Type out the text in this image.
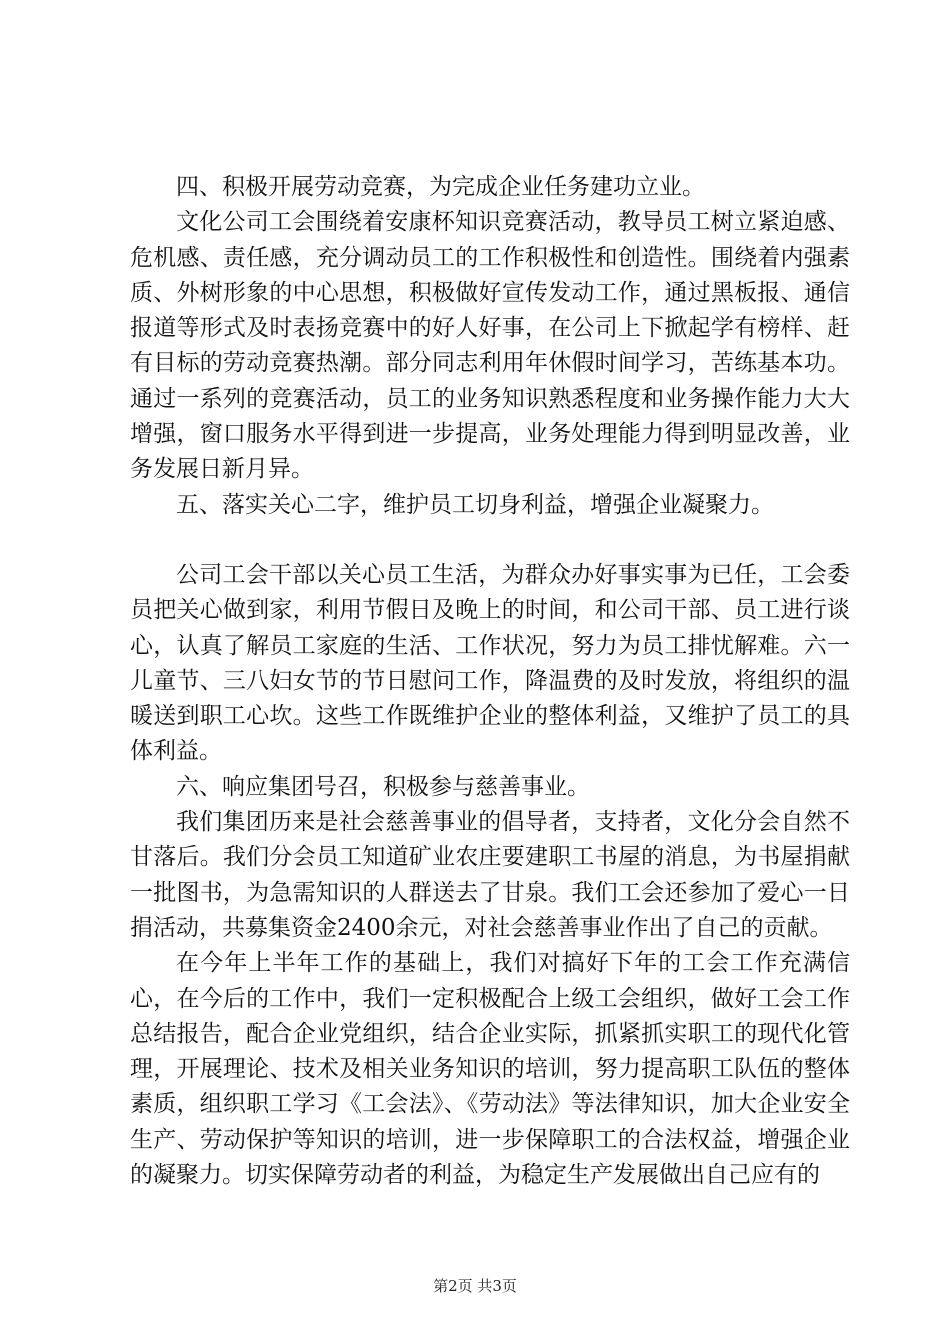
四、积极开展劳动竞赛，为完成企业任务建功立业。

文化公司工会围绕着安康杯知识竞赛活动，教导员工树立紧迫感、危机感、责任感，充分调动员工的工作积极性和创造性。围绕着内强素质、外树形象的中心思想，积极做好宣传发动工作，通过黑板报、通信报道等形式及时表扬竞赛中的好人好事，在公司上下掀起学有榜样、赶有目标的劳动竞赛热潮。部分同志利用年休假时间学习，苦练基本功。通过一系列的竞赛活动，员工的业务知识熟悉程度和业务操作能力大大增强，窗口服务水平得到进一步提高，业务处理能力得到明显改善，业务发展日新月异。

五、落实关心二字，维护员工切身利益，增强企业凝聚力。

公司工会干部以关心员工生活，为群众办好事实事为已任，工会委员把关心做到家，利用节假日及晚上的时间，和公司干部、员工进行谈心，认真了解员工家庭的生活、工作状况，努力为员工排忧解难。六一儿童节、三八妇女节的节日慰问工作，降温费的及时发放，将组织的温暖送到职工心坎。这些工作既维护企业的整体利益，又维护了员工的具体利益。

六、响应集团号召，积极参与慈善事业。

我们集团历来是社会慈善事业的倡导者，支持者，文化分会自然不甘落后。我们分会员工知道矿业农庄要建职工书屋的消息，为书屋捐献一批图书，为急需知识的人群送去了甘泉。我们工会还参加了爱心一日捐活动，共募集资金2400余元，对社会慈善事业作出了自己的贡献。

在今年上半年工作的基础上，我们对搞好下年的工会工作充满信心，在今后的工作中，我们一定积极配合上级工会组织，做好工会工作总结报告，配合企业党组织，结合企业实际，抓紧抓实职工的现代化管理，开展理论、技术及相关业务知识的培训，努力提高职工队伍的整体素质，组织职工学习《工会法》、《劳动法》等法律知识，加大企业安全生产、劳动保护等知识的培训，进一步保障职工的合法权益，增强企业的凝聚力。切实保障劳动者的利益，为稳定生产发展做出自己应有的

第2页 共3页
